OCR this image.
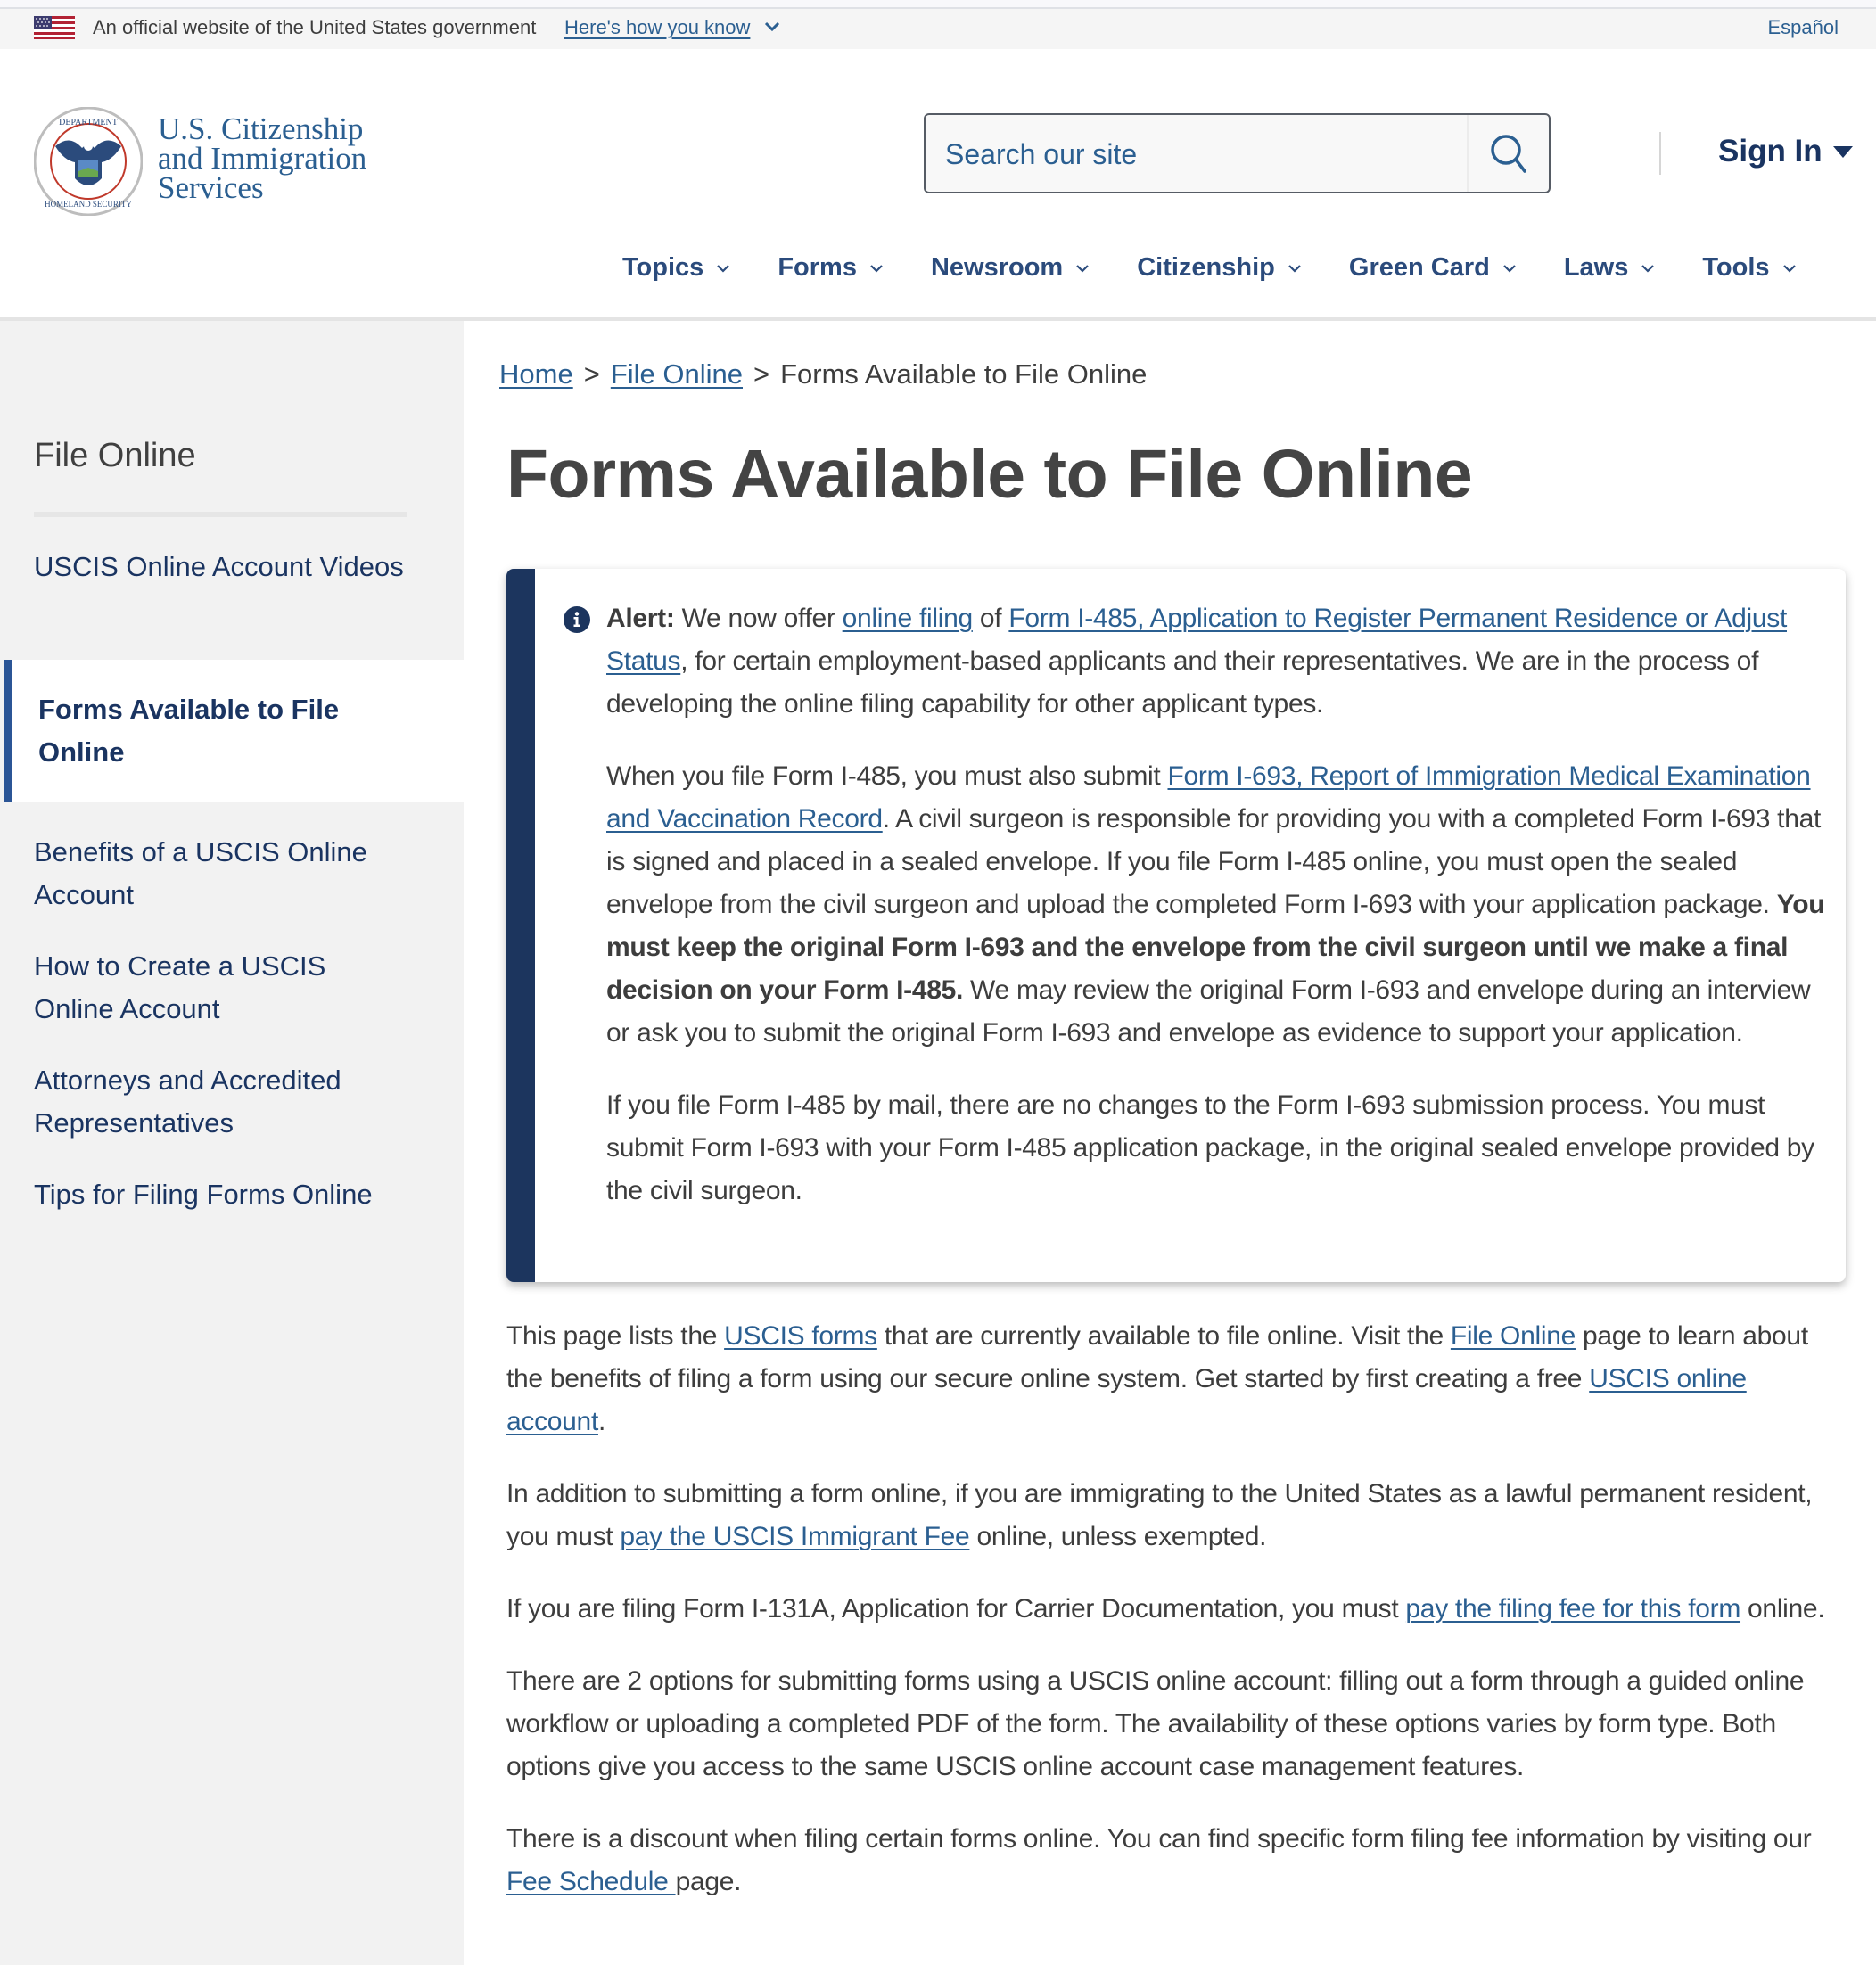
An official website of the United States government Here's how you know	Español
DEPARTMENT
HOMELAND SECURITY
U.S. Citizenship
and Immigration
Services
Search our site
Sign In
Topics	Forms	Newsroom	Citizenship	Green Card	Laws	Tools
File Online
USCIS Online Account Videos
Forms Available to File Online
Benefits of a USCIS Online Account
How to Create a USCIS Online Account
Attorneys and Accredited Representatives
Tips for Filing Forms Online
Home > File Online > Forms Available to File Online
Forms Available to File Online

Alert: We now offer online filing of Form I-485, Application to Register Permanent Residence or Adjust Status, for certain employment-based applicants and their representatives. We are in the process of developing the online filing capability for other applicant types.

When you file Form I-485, you must also submit Form I-693, Report of Immigration Medical Examination and Vaccination Record. A civil surgeon is responsible for providing you with a completed Form I-693 that is signed and placed in a sealed envelope. If you file Form I-485 online, you must open the sealed envelope from the civil surgeon and upload the completed Form I-693 with your application package. You must keep the original Form I-693 and the envelope from the civil surgeon until we make a final decision on your Form I-485. We may review the original Form I-693 and envelope during an interview or ask you to submit the original Form I-693 and envelope as evidence to support your application.

If you file Form I-485 by mail, there are no changes to the Form I-693 submission process. You must submit Form I-693 with your Form I-485 application package, in the original sealed envelope provided by the civil surgeon.

This page lists the USCIS forms that are currently available to file online. Visit the File Online page to learn about the benefits of filing a form using our secure online system. Get started by first creating a free USCIS online account.

In addition to submitting a form online, if you are immigrating to the United States as a lawful permanent resident, you must pay the USCIS Immigrant Fee online, unless exempted.

If you are filing Form I-131A, Application for Carrier Documentation, you must pay the filing fee for this form online.

There are 2 options for submitting forms using a USCIS online account: filling out a form through a guided online workflow or uploading a completed PDF of the form. The availability of these options varies by form type. Both options give you access to the same USCIS online account case management features.

There is a discount when filing certain forms online. You can find specific form filing fee information by visiting our Fee Schedule page.
